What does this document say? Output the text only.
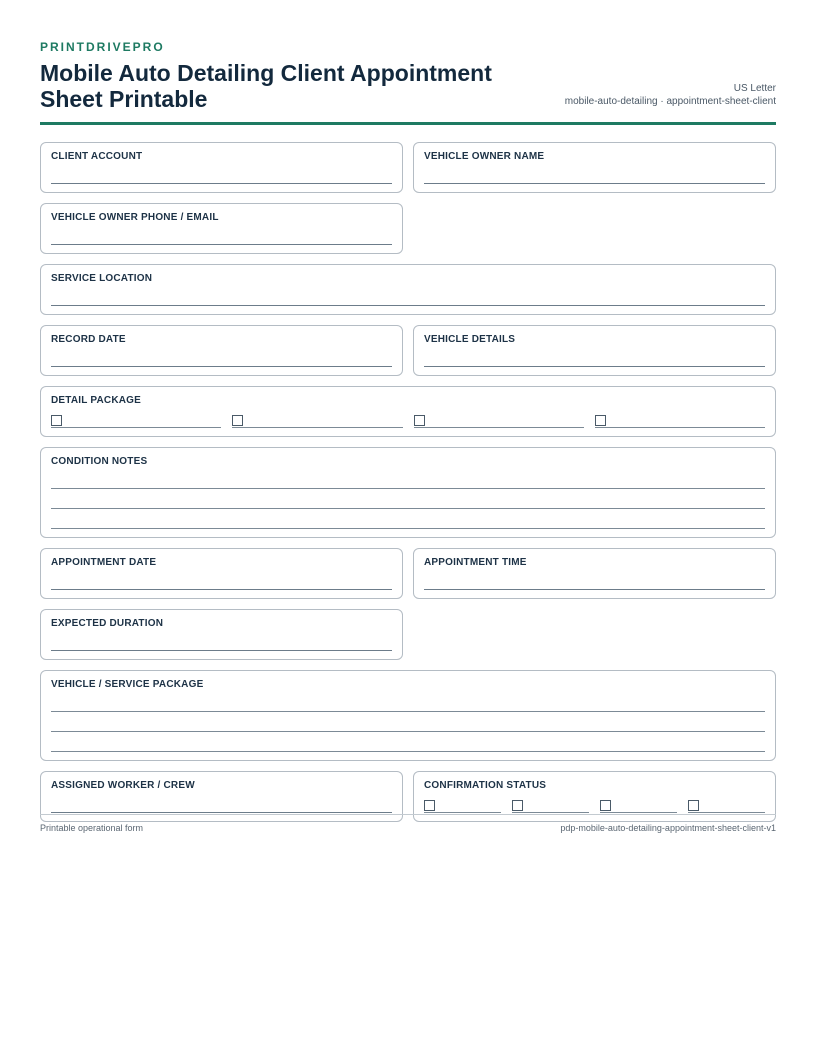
PRINTDRIVEPRO
Mobile Auto Detailing Client Appointment Sheet Printable	US Letter
mobile-auto-detailing · appointment-sheet-client
CLIENT ACCOUNT	VEHICLE OWNER NAME
VEHICLE OWNER PHONE / EMAIL
SERVICE LOCATION
RECORD DATE	VEHICLE DETAILS
DETAIL PACKAGE
CONDITION NOTES
APPOINTMENT DATE	APPOINTMENT TIME
EXPECTED DURATION
VEHICLE / SERVICE PACKAGE
ASSIGNED WORKER / CREW	CONFIRMATION STATUS
Printable operational form	pdp-mobile-auto-detailing-appointment-sheet-client-v1
